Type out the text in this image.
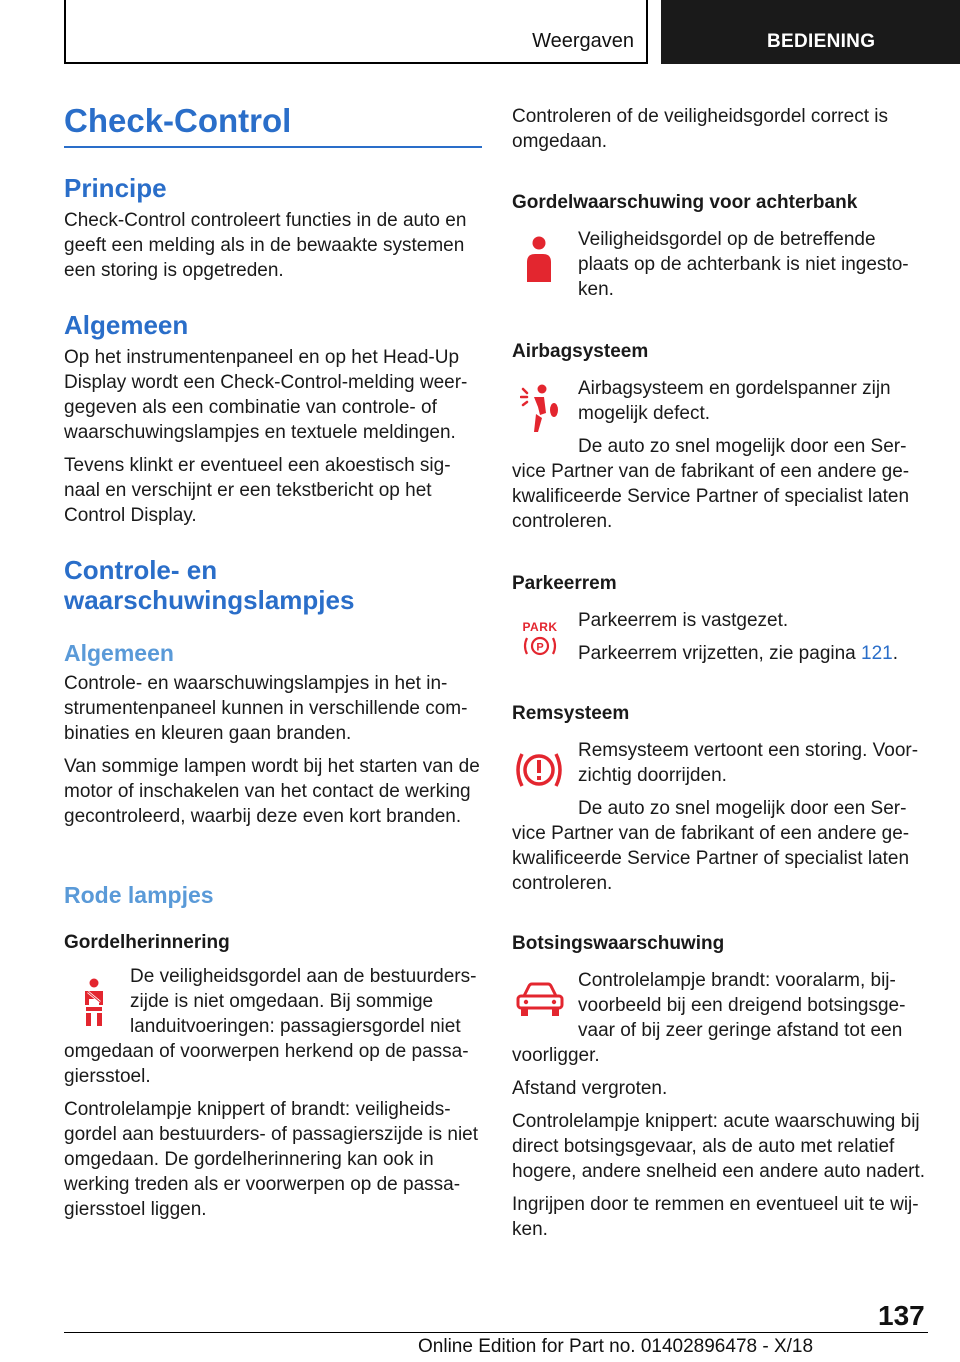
Weergaven	BEDIENING
Check-Control
Principe

Check-Control controleert functies in de auto en geeft een melding als in de bewaakte systemen een storing is opgetreden.

Algemeen

Op het instrumentenpaneel en op het Head-Up Display wordt een Check-Control-melding weer-gegeven als een combinatie van controle- of waarschuwingslampjes en textuele meldingen.

Tevens klinkt er eventueel een akoestisch sig-naal en verschijnt er een tekstbericht op het Control Display.

Controle- en
waarschuwingslampjes
Algemeen

Controle- en waarschuwingslampjes in het in-strumentenpaneel kunnen in verschillende com-binaties en kleuren gaan branden.

Van sommige lampen wordt bij het starten van de motor of inschakelen van het contact de werking gecontroleerd, waarbij deze even kort branden.

Rode lampjes
Gordelherinnering

De veiligheidsgordel aan de bestuurders-

zijde is niet omgedaan. Bij sommige

landuitvoeringen: passagiersgordel niet

omgedaan of voorwerpen herkend op de passa-giersstoel.

Controlelampje knippert of brandt: veiligheids-gordel aan bestuurders- of passagierszijde is niet omgedaan. De gordelherinnering kan ook in werking treden als er voorwerpen op de passa-giersstoel liggen.

Controleren of de veiligheidsgordel correct is omgedaan.

Gordelwaarschuwing voor achterbank

Veiligheidsgordel op de betreffende plaats op de achterbank is niet ingesto-ken.

Airbagsysteem

Airbagsysteem en gordelspanner zijn mogelijk defect.

De auto zo snel mogelijk door een Ser-

vice Partner van de fabrikant of een andere ge-kwalificeerde Service Partner of specialist laten controleren.

Parkeerrem

Parkeerrem is vastgezet.

Parkeerrem vrijzetten, zie pagina 121.

PARK
P
Remsysteem

Remsysteem vertoont een storing. Voor-zichtig doorrijden.

De auto zo snel mogelijk door een Ser-

vice Partner van de fabrikant of een andere ge-kwalificeerde Service Partner of specialist laten controleren.

Botsingswaarschuwing

Controlelampje brandt: vooralarm, bij-

voorbeeld bij een dreigend botsingsge-

vaar of bij zeer geringe afstand tot een

voorligger.

Afstand vergroten.

Controlelampje knippert: acute waarschuwing bij direct botsingsgevaar, als de auto met relatief hogere, andere snelheid een andere auto nadert.

Ingrijpen door te remmen en eventueel uit te wij-ken.

137
Online Edition for Part no. 01402896478 - X/18
